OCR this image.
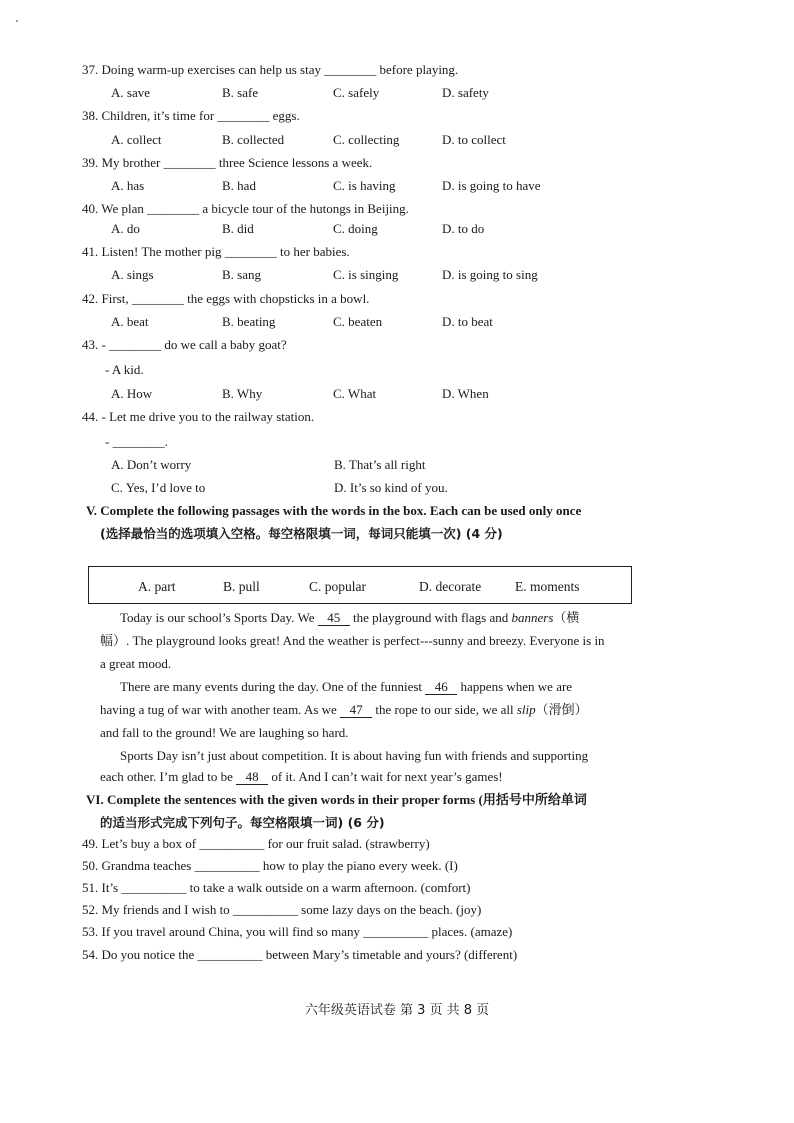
37. Doing warm-up exercises can help us stay ________ before playing.
A. save	B. safe	C. safely	D. safety
38. Children, it’s time for ________ eggs.
A. collect	B. collected	C. collecting	D. to collect
39. My brother ________ three Science lessons a week.
A. has	B. had	C. is having	D. is going to have
40. We plan ________ a bicycle tour of the hutongs in Beijing.
A. do	B. did	C. doing	D. to do
41. Listen! The mother pig ________ to her babies.
A. sings	B. sang	C. is singing	D. is going to sing
42. First, ________ the eggs with chopsticks in a bowl.
A. beat	B. beating	C. beaten	D. to beat
43. - ________ do we call a baby goat?
- A kid.
A. How	B. Why	C. What	D. When
44. - Let me drive you to the railway station.
- ________.
A. Don’t worry	B. That’s all right
C. Yes, I’d love to	D. It’s so kind of you.
V. Complete the following passages with the words in the box. Each can be used only once
(选择最恰当的选项填入空格。每空格限填一词，每词只能填一次) (4 分)
A. part	B. pull	C. popular	D. decorate	E. moments
Today is our school’s Sports Day. We 45 the playground with flags and banners（横
幅）. The playground looks great! And the weather is perfect---sunny and breezy. Everyone is in
a great mood.
There are many events during the day. One of the funniest 46 happens when we are
having a tug of war with another team. As we 47 the rope to our side, we all slip（滑倒）
and fall to the ground! We are laughing so hard.
Sports Day isn’t just about competition. It is about having fun with friends and supporting
each other. I’m glad to be 48 of it. And I can’t wait for next year’s games!
VI. Complete the sentences with the given words in their proper forms (用括号中所给单词
的适当形式完成下列句子。每空格限填一词) (6 分)
49. Let’s buy a box of __________ for our fruit salad. (strawberry)
50. Grandma teaches __________ how to play the piano every week. (I)
51. It’s __________ to take a walk outside on a warm afternoon. (comfort)
52. My friends and I wish to __________ some lazy days on the beach. (joy)
53. If you travel around China, you will find so many __________ places. (amaze)
54. Do you notice the __________ between Mary’s timetable and yours? (different)
六年级英语试卷 第 3 页 共 8 页
